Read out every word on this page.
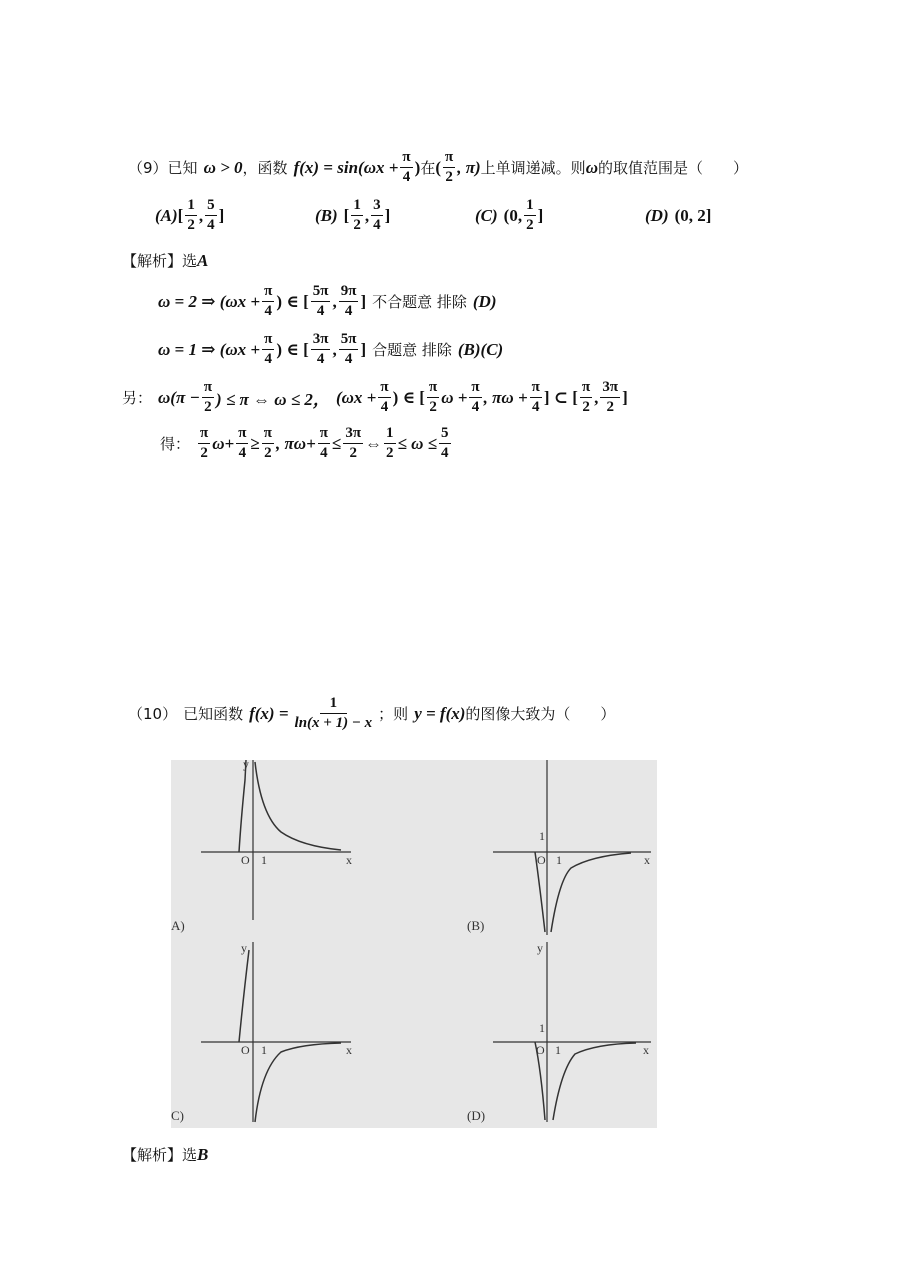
（9） 已知 ω > 0 ，函数 $f(x) = \sin(\omega x + \frac{\pi}{4}$ ) 在 ( $\frac{\pi}{2}$ , π) 上单调递减。则 ω 的取值范围是（　　）
(A) [ $\frac{1}{2}$ , $\frac{5}{4}$ ]	(B) [ $\frac{1}{2}$ , $\frac{3}{4}$ ]	(C) (0, $\frac{1}{2}$ ]	(D) (0, 2]
【解析】选 A
ω = 2 ⇒ ($\omega x + \frac{\pi}{4}$ ) ∈ [ $\frac{5\pi}{4}$ , $\frac{9\pi}{4}$ ] 不合题意 排除 (D)
ω = 1 ⇒ ($\omega x + \frac{\pi}{4}$ ) ∈ [ $\frac{3\pi}{4}$ , $\frac{5\pi}{4}$ ] 合题意 排除 (B)(C)
另： $\omega(\pi - \frac{\pi}{2}$ ) ≤ π ⇔ ω ≤ 2， ($\omega x + \frac{\pi}{4}$ ) ∈ [ $\frac{\pi}{2}$ $\omega + \frac{\pi}{4}$ , $\pi\omega + \frac{\pi}{4}$ ] ⊂ [ $\frac{\pi}{2}$ , $\frac{3\pi}{2}$ ]
得： $\frac{\pi}{2} \omega+ \frac{\pi}{4} \ge \frac{\pi}{2}$ , $\pi\omega+ \frac{\pi}{4} \le \frac{3\pi}{2}$ ⇔ $\frac{1}{2} \le \omega \le \frac{5}{4}$
（10） 已知函数 $f(x) = \frac{1}{\ln(x + 1) - x}$ ；则 y = f(x) 的图像大致为（　　）
O 1	x
y
A)
O 1
1
x
(B)
O 1	x
y
C)
O 1
1
x
y
(D)
【解析】选 B
